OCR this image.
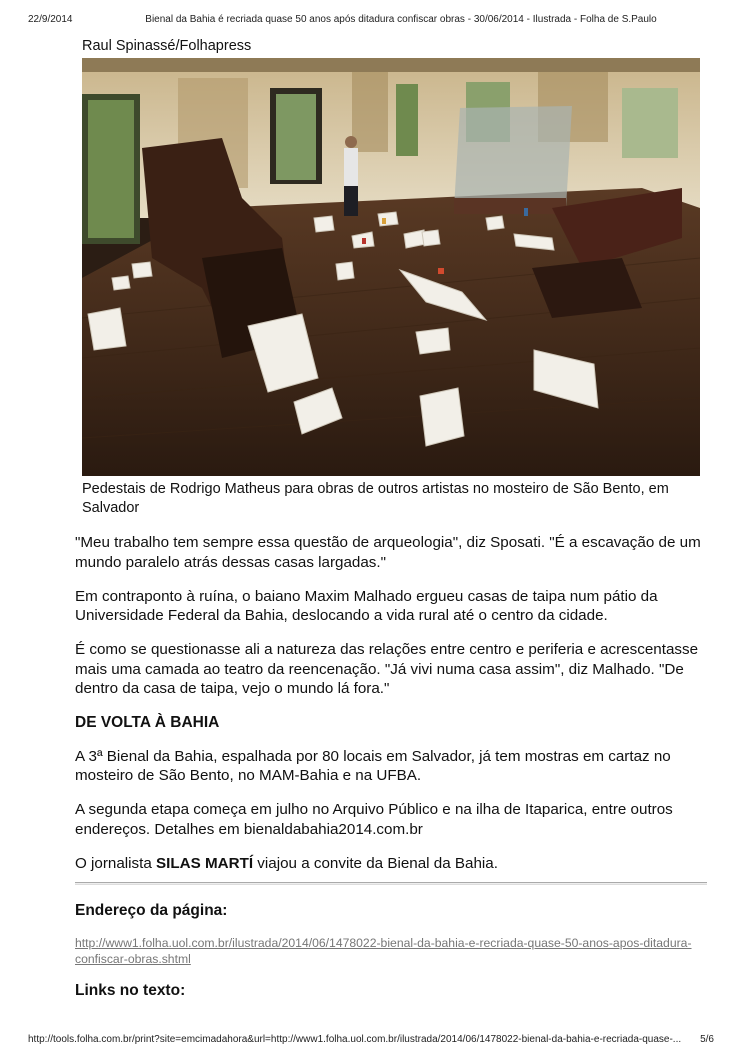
22/9/2014	Bienal da Bahia é recriada quase 50 anos após ditadura confiscar obras - 30/06/2014 - Ilustrada - Folha de S.Paulo
Raul Spinassé/Folhapress
Pedestais de Rodrigo Matheus para obras de outros artistas no mosteiro de São Bento, em Salvador

"Meu trabalho tem sempre essa questão de arqueologia", diz Sposati. "É a escavação de um mundo paralelo atrás dessas casas largadas."

Em contraponto à ruína, o baiano Maxim Malhado ergueu casas de taipa num pátio da Universidade Federal da Bahia, deslocando a vida rural até o centro da cidade.

É como se questionasse ali a natureza das relações entre centro e periferia e acrescentasse mais uma camada ao teatro da reencenação. "Já vivi numa casa assim", diz Malhado. "De dentro da casa de taipa, vejo o mundo lá fora."

DE VOLTA À BAHIA

A 3ª Bienal da Bahia, espalhada por 80 locais em Salvador, já tem mostras em cartaz no mosteiro de São Bento, no MAM-Bahia e na UFBA.

A segunda etapa começa em julho no Arquivo Público e na ilha de Itaparica, entre outros endereços. Detalhes em bienaldabahia2014.com.br

O jornalista SILAS MARTÍ viajou a convite da Bienal da Bahia.

Endereço da página:
http://www1.folha.uol.com.br/ilustrada/2014/06/1478022-bienal-da-bahia-e-recriada-quase-50-anos-apos-ditadura-confiscar-obras.shtml
Links no texto:
http://tools.folha.com.br/print?site=emcimadahora&url=http://www1.folha.uol.com.br/ilustrada/2014/06/1478022-bienal-da-bahia-e-recriada-quase-...	5/6
